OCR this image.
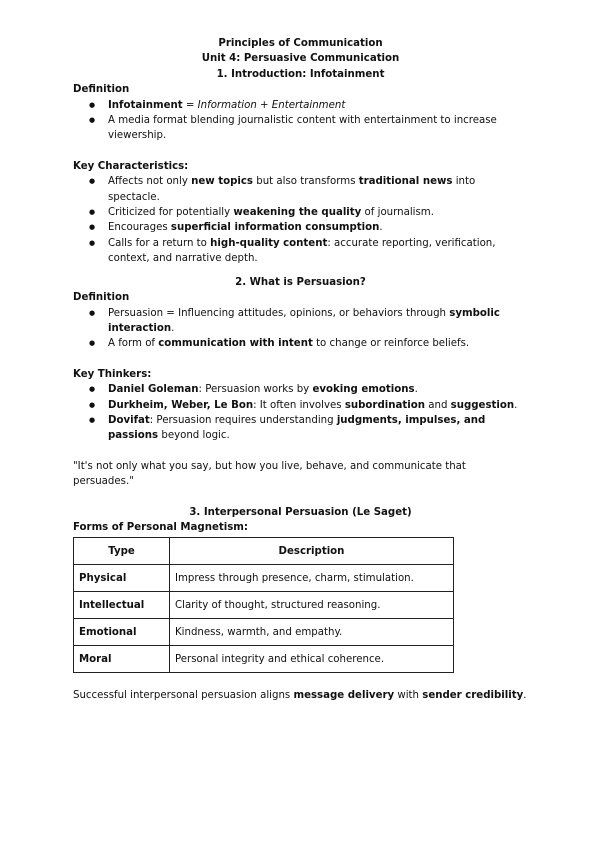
Principles of Communication
Unit 4: Persuasive Communication
1. Introduction: Infotainment

Definition

● Infotainment = Information + Entertainment
● A media format blending journalistic content with entertainment to increase viewership.

Key Characteristics:

● Affects not only new topics but also transforms traditional news into spectacle.
● Criticized for potentially weakening the quality of journalism.
● Encourages superficial information consumption.
● Calls for a return to high-quality content: accurate reporting, verification, context, and narrative depth.
2. What is Persuasion?

Definition

● Persuasion = Influencing attitudes, opinions, or behaviors through symbolic interaction.
● A form of communication with intent to change or reinforce beliefs.

Key Thinkers:

● Daniel Goleman: Persuasion works by evoking emotions.
● Durkheim, Weber, Le Bon: It often involves subordination and suggestion.
● Dovifat: Persuasion requires understanding judgments, impulses, and passions beyond logic.

"It's not only what you say, but how you live, behave, and communicate that persuades."

3. Interpersonal Persuasion (Le Saget)

Forms of Personal Magnetism:

Type	Description
Physical	Impress through presence, charm, stimulation.
Intellectual	Clarity of thought, structured reasoning.
Emotional	Kindness, warmth, and empathy.
Moral	Personal integrity and ethical coherence.

Successful interpersonal persuasion aligns message delivery with sender credibility.
